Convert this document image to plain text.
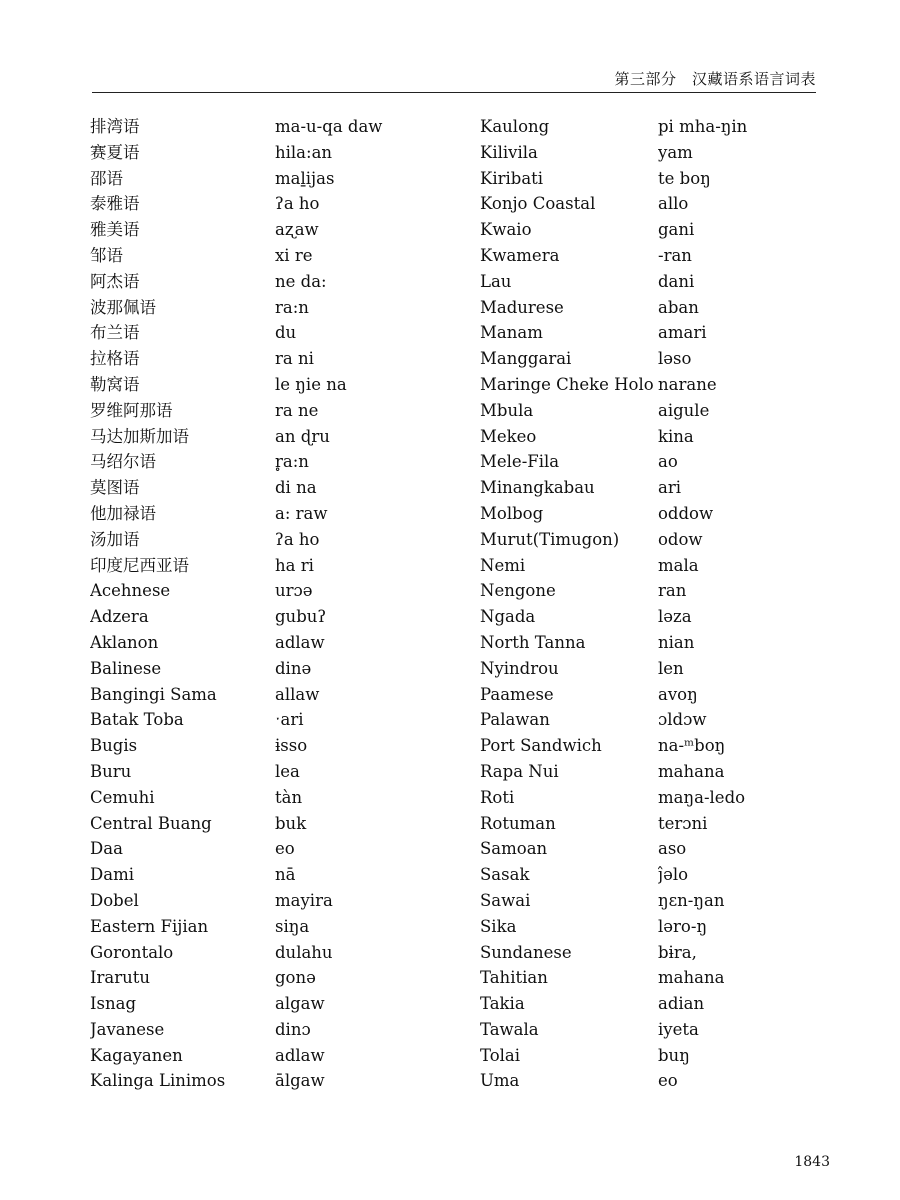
第三部分　汉藏语系语言词表
	排湾语	ma-u-qa daw	Kaulong	pi mha-ŋin
	赛夏语	hila:an	Kilivila	yam
	邵语	maḻijas	Kiribati	te boŋ
	泰雅语	ʔa ho	Konjo Coastal	allo
	雅美语	aʐaw	Kwaio	gani
	邹语	xi re	Kwamera	-ran
	阿杰语	ne da:	Lau	dani
	波那佩语	ra:n	Madurese	aban
	布兰语	du	Manam	amari
	拉格语	ra ni	Manggarai	ləso
	勒窝语	le ŋie na	Maringe Cheke Holo	narane
	罗维阿那语	ra ne	Mbula	aigule
	马达加斯加语	an ɖru	Mekeo	kina
	马绍尔语	r̥a:n	Mele-Fila	ao
	莫图语	di na	Minangkabau	ari
	他加禄语	a: raw	Molbog	oddow
	汤加语	ʔa ho	Murut(Timugon)	odow
	印度尼西亚语	ha ri	Nemi	mala
	Acehnese	urɔə	Nengone	ran
	Adzera	gubuʔ	Ngada	ləza
	Aklanon	adlaw	North Tanna	nian
	Balinese	dinə	Nyindrou	len
	Bangingi Sama	allaw	Paamese	avoŋ
	Batak Toba	ˑari	Palawan	ɔldɔw
	Bugis	ɨsso	Port Sandwich	na-ᵐboŋ
	Buru	lea	Rapa Nui	mahana
	Cemuhi	tàn	Roti	maŋa-ledo
	Central Buang	buk	Rotuman	terɔni
	Daa	eo	Samoan	aso
	Dami	nā	Sasak	ĵəlo
	Dobel	mayira	Sawai	ŋɛn-ŋan
	Eastern Fijian	siŋa	Sika	ləro-ŋ
	Gorontalo	dulahu	Sundanese	bɨra,
	Irarutu	gonə	Tahitian	mahana
	Isnag	algaw	Takia	adian
	Javanese	dinɔ	Tawala	iyeta
	Kagayanen	adlaw	Tolai	buŋ
	Kalinga Linimos	ālgaw	Uma	eo
1843
